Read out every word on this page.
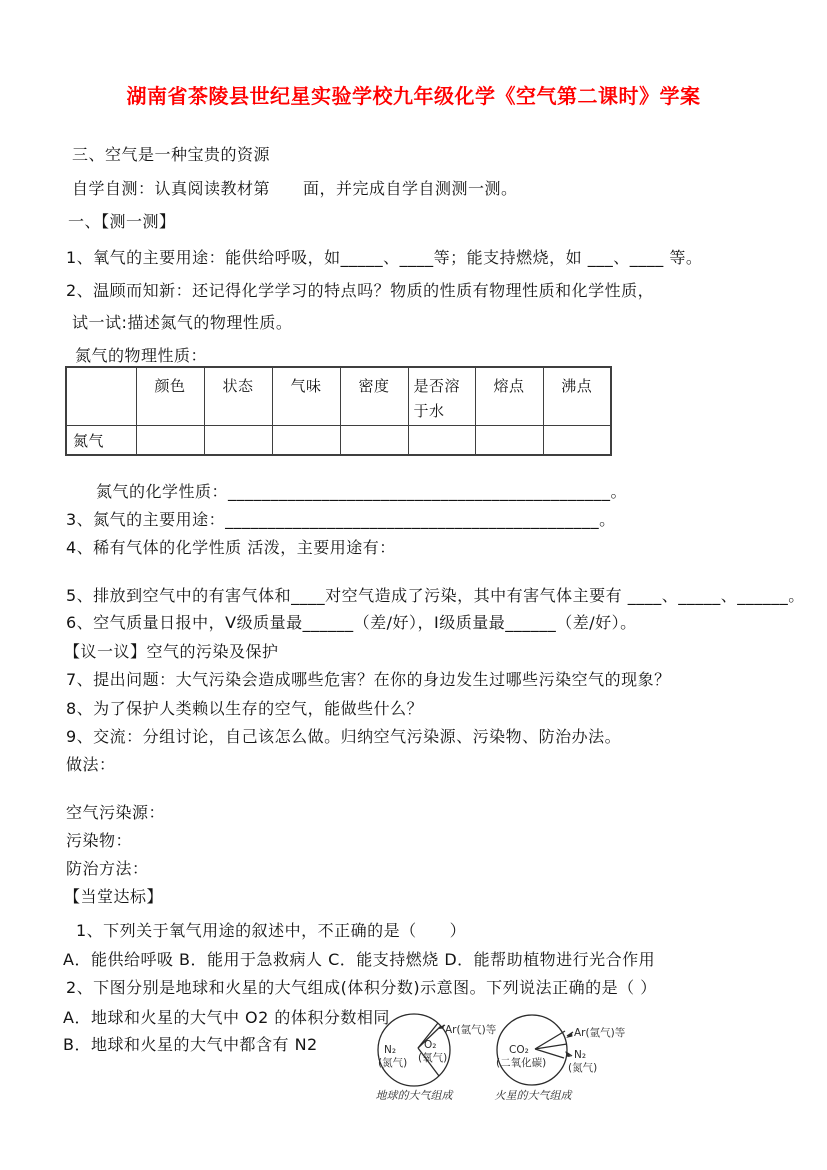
湖南省茶陵县世纪星实验学校九年级化学《空气第二课时》学案
三、空气是一种宝贵的资源
自学自测：认真阅读教材第　　面，并完成自学自测测一测。
一、【测一测】
1、氧气的主要用途：能供给呼吸，如_____、____等；能支持燃烧，如 ___、____ 等。
2、温顾而知新：还记得化学学习的特点吗？物质的性质有物理性质和化学性质，
试一试:描述氮气的物理性质。
氮气的物理性质：
	颜色	状态	气味	密度	是否溶于水	熔点	沸点
氮气							
氮气的化学性质：_____________________________________________。
3、氮气的主要用途：____________________________________________。
4、稀有气体的化学性质 活泼，主要用途有：
5、排放到空气中的有害气体和____对空气造成了污染，其中有害气体主要有 ____、_____、______。
6、空气质量日报中，V级质量最______（差/好），I级质量最______（差/好）。
【议一议】空气的污染及保护
7、提出问题：大气污染会造成哪些危害？在你的身边发生过哪些污染空气的现象？
8、为了保护人类赖以生存的空气，能做些什么？
9、交流：分组讨论，自己该怎么做。归纳空气污染源、污染物、防治办法。
做法：
空气污染源：
污染物：
防治方法：
【当堂达标】
1、下列关于氧气用途的叙述中，不正确的是（　　）
A．能供给呼吸 B．能用于急救病人 C．能支持燃烧 D．能帮助植物进行光合作用
2、下图分别是地球和火星的大气组成(体积分数)示意图。下列说法正确的是（ ）
A．地球和火星的大气中 O2 的体积分数相同
B．地球和火星的大气中都含有 N2
Ar(氩气)等
N₂
(氮气)
O₂
(氧气)
地球的大气组成
Ar(氩气)等
N₂
(氮气)
CO₂
(二氧化碳)
火星的大气组成
